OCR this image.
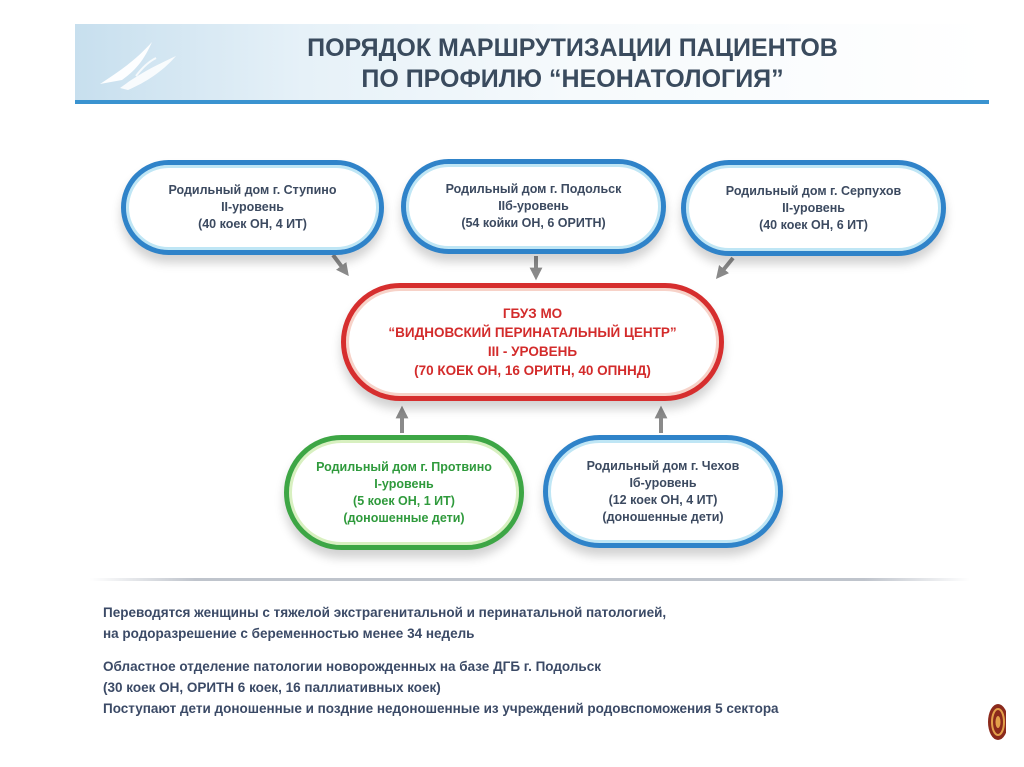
ПОРЯДОК МАРШРУТИЗАЦИИ ПАЦИЕНТОВ
ПО ПРОФИЛЮ “НЕОНАТОЛОГИЯ”
Родильный дом г. Ступино
II-уровень
(40 коек ОН, 4 ИТ)
Родильный дом г. Подольск
IIб-уровень
(54 койки ОН, 6 ОРИТН)
Родильный дом г. Серпухов
II-уровень
(40 коек ОН, 6 ИТ)
ГБУЗ МО
“ВИДНОВСКИЙ ПЕРИНАТАЛЬНЫЙ ЦЕНТР”
III - УРОВЕНЬ
(70 КОЕК ОН, 16 ОРИТН, 40 ОПННД)
Родильный дом г. Протвино
I-уровень
(5 коек ОН, 1 ИТ)
(доношенные дети)
Родильный дом г. Чехов
Iб-уровень
(12 коек ОН, 4 ИТ)
(доношенные дети)

Переводятся женщины с тяжелой экстрагенитальной и перинатальной патологией,

на родоразрешение с беременностью менее 34 недель

Областное отделение патологии новорожденных на базе ДГБ г. Подольск

(30 коек ОН, ОРИТН 6 коек, 16 паллиативных коек)

Поступают дети доношенные и поздние недоношенные из учреждений родовспоможения 5 сектора
